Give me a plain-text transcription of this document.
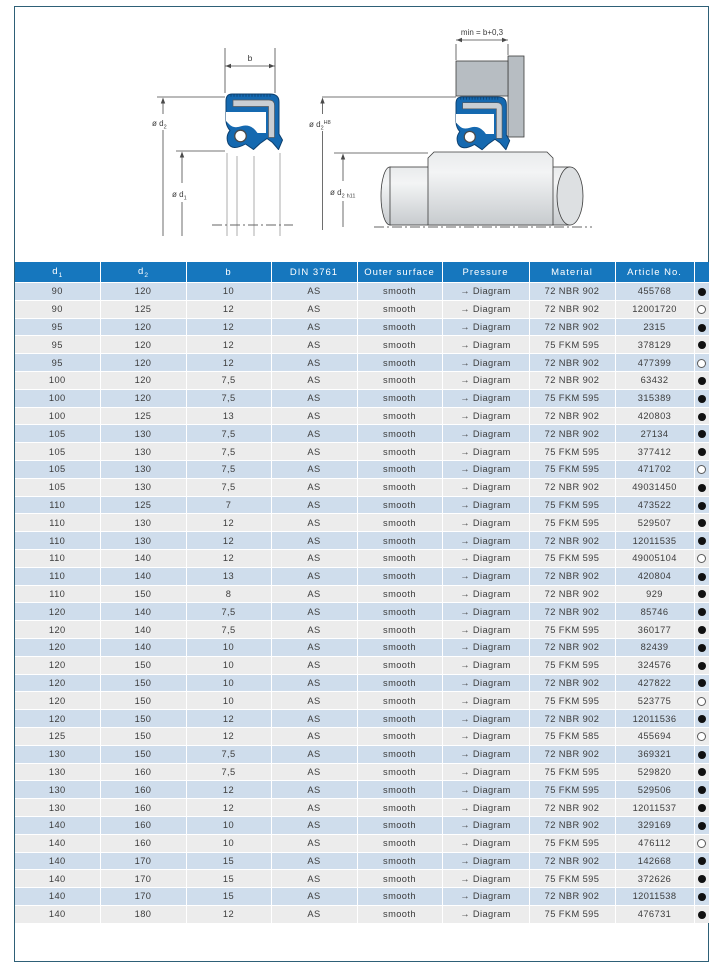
b
ø $d_2$
ø $d_1$
min = b+0,3
ø $d_2^{H8}$
ø $d_2$ h11
$d_1$	$d_2$	b	DIN 3761	Outer surface	Pressure	Material	Article No.	
90	120	10	AS	smooth	→ Diagram	72 NBR 902	455768	
90	125	12	AS	smooth	→ Diagram	72 NBR 902	12001720	
95	120	12	AS	smooth	→ Diagram	72 NBR 902	2315	
95	120	12	AS	smooth	→ Diagram	75 FKM 595	378129	
95	120	12	AS	smooth	→ Diagram	72 NBR 902	477399	
100	120	7,5	AS	smooth	→ Diagram	72 NBR 902	63432	
100	120	7,5	AS	smooth	→ Diagram	75 FKM 595	315389	
100	125	13	AS	smooth	→ Diagram	72 NBR 902	420803	
105	130	7,5	AS	smooth	→ Diagram	72 NBR 902	27134	
105	130	7,5	AS	smooth	→ Diagram	75 FKM 595	377412	
105	130	7,5	AS	smooth	→ Diagram	75 FKM 595	471702	
105	130	7,5	AS	smooth	→ Diagram	72 NBR 902	49031450	
110	125	7	AS	smooth	→ Diagram	75 FKM 595	473522	
110	130	12	AS	smooth	→ Diagram	75 FKM 595	529507	
110	130	12	AS	smooth	→ Diagram	72 NBR 902	12011535	
110	140	12	AS	smooth	→ Diagram	75 FKM 595	49005104	
110	140	13	AS	smooth	→ Diagram	72 NBR 902	420804	
110	150	8	AS	smooth	→ Diagram	72 NBR 902	929	
120	140	7,5	AS	smooth	→ Diagram	72 NBR 902	85746	
120	140	7,5	AS	smooth	→ Diagram	75 FKM 595	360177	
120	140	10	AS	smooth	→ Diagram	72 NBR 902	82439	
120	150	10	AS	smooth	→ Diagram	75 FKM 595	324576	
120	150	10	AS	smooth	→ Diagram	72 NBR 902	427822	
120	150	10	AS	smooth	→ Diagram	75 FKM 595	523775	
120	150	12	AS	smooth	→ Diagram	72 NBR 902	12011536	
125	150	12	AS	smooth	→ Diagram	75 FKM 585	455694	
130	150	7,5	AS	smooth	→ Diagram	72 NBR 902	369321	
130	160	7,5	AS	smooth	→ Diagram	75 FKM 595	529820	
130	160	12	AS	smooth	→ Diagram	75 FKM 595	529506	
130	160	12	AS	smooth	→ Diagram	72 NBR 902	12011537	
140	160	10	AS	smooth	→ Diagram	72 NBR 902	329169	
140	160	10	AS	smooth	→ Diagram	75 FKM 595	476112	
140	170	15	AS	smooth	→ Diagram	72 NBR 902	142668	
140	170	15	AS	smooth	→ Diagram	75 FKM 595	372626	
140	170	15	AS	smooth	→ Diagram	72 NBR 902	12011538	
140	180	12	AS	smooth	→ Diagram	75 FKM 595	476731	
